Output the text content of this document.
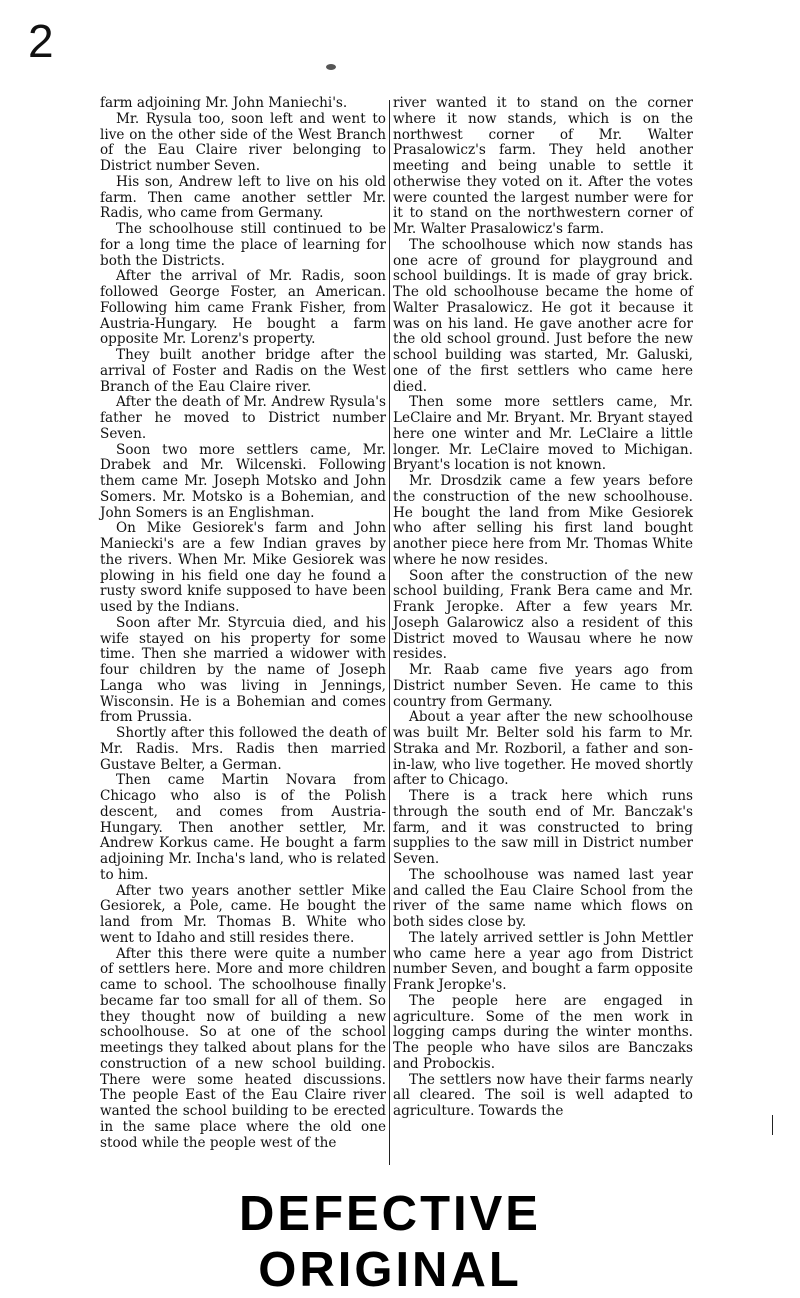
2

farm adjoining Mr. John Maniechi's.

Mr. Rysula too, soon left and went to live on the other side of the West Branch of the Eau Claire river belonging to District number Seven.

His son, Andrew left to live on his old farm. Then came another settler Mr. Radis, who came from Germany.

The schoolhouse still continued to be for a long time the place of learning for both the Districts.

After the arrival of Mr. Radis, soon followed George Foster, an American. Following him came Frank Fisher, from Austria-Hungary. He bought a farm opposite Mr. Lorenz's property.

They built another bridge after the arrival of Foster and Radis on the West Branch of the Eau Claire river.

After the death of Mr. Andrew Rysula's father he moved to District number Seven.

Soon two more settlers came, Mr. Drabek and Mr. Wilcenski. Following them came Mr. Joseph Motsko and John Somers. Mr. Motsko is a Bohemian, and John Somers is an Englishman.

On Mike Gesiorek's farm and John Maniecki's are a few Indian graves by the rivers. When Mr. Mike Gesiorek was plowing in his field one day he found a rusty sword knife supposed to have been used by the Indians.

Soon after Mr. Styrcuia died, and his wife stayed on his property for some time. Then she married a widower with four children by the name of Joseph Langa who was living in Jennings, Wisconsin. He is a Bohemian and comes from Prussia.

Shortly after this followed the death of Mr. Radis. Mrs. Radis then married Gustave Belter, a German.

Then came Martin Novara from Chicago who also is of the Polish descent, and comes from Austria-Hungary. Then another settler, Mr. Andrew Korkus came. He bought a farm adjoining Mr. Incha's land, who is related to him.

After two years another settler Mike Gesiorek, a Pole, came. He bought the land from Mr. Thomas B. White who went to Idaho and still resides there.

After this there were quite a number of settlers here. More and more children came to school. The schoolhouse finally became far too small for all of them. So they thought now of building a new schoolhouse. So at one of the school meetings they talked about plans for the construction of a new school building. There were some heated discussions. The people East of the Eau Claire river wanted the school building to be erected in the same place where the old one stood while the people west of the

river wanted it to stand on the corner where it now stands, which is on the northwest corner of Mr. Walter Prasalowicz's farm. They held another meeting and being unable to settle it otherwise they voted on it. After the votes were counted the largest number were for it to stand on the northwestern corner of Mr. Walter Prasalowicz's farm.

The schoolhouse which now stands has one acre of ground for playground and school buildings. It is made of gray brick. The old schoolhouse became the home of Walter Prasalowicz. He got it because it was on his land. He gave another acre for the old school ground. Just before the new school building was started, Mr. Galuski, one of the first settlers who came here died.

Then some more settlers came, Mr. LeClaire and Mr. Bryant. Mr. Bryant stayed here one winter and Mr. LeClaire a little longer. Mr. LeClaire moved to Michigan. Bryant's location is not known.

Mr. Drosdzik came a few years before the construction of the new schoolhouse. He bought the land from Mike Gesiorek who after selling his first land bought another piece here from Mr. Thomas White where he now resides.

Soon after the construction of the new school building, Frank Bera came and Mr. Frank Jeropke. After a few years Mr. Joseph Galarowicz also a resident of this District moved to Wausau where he now resides.

Mr. Raab came five years ago from District number Seven. He came to this country from Germany.

About a year after the new schoolhouse was built Mr. Belter sold his farm to Mr. Straka and Mr. Rozboril, a father and son-in-law, who live together. He moved shortly after to Chicago.

There is a track here which runs through the south end of Mr. Banczak's farm, and it was constructed to bring supplies to the saw mill in District number Seven.

The schoolhouse was named last year and called the Eau Claire School from the river of the same name which flows on both sides close by.

The lately arrived settler is John Mettler who came here a year ago from District number Seven, and bought a farm opposite Frank Jeropke's.

The people here are engaged in agriculture. Some of the men work in logging camps during the winter months. The people who have silos are Banczaks and Probockis.

The settlers now have their farms nearly all cleared. The soil is well adapted to agriculture. Towards the

DEFECTIVE ORIGINAL
